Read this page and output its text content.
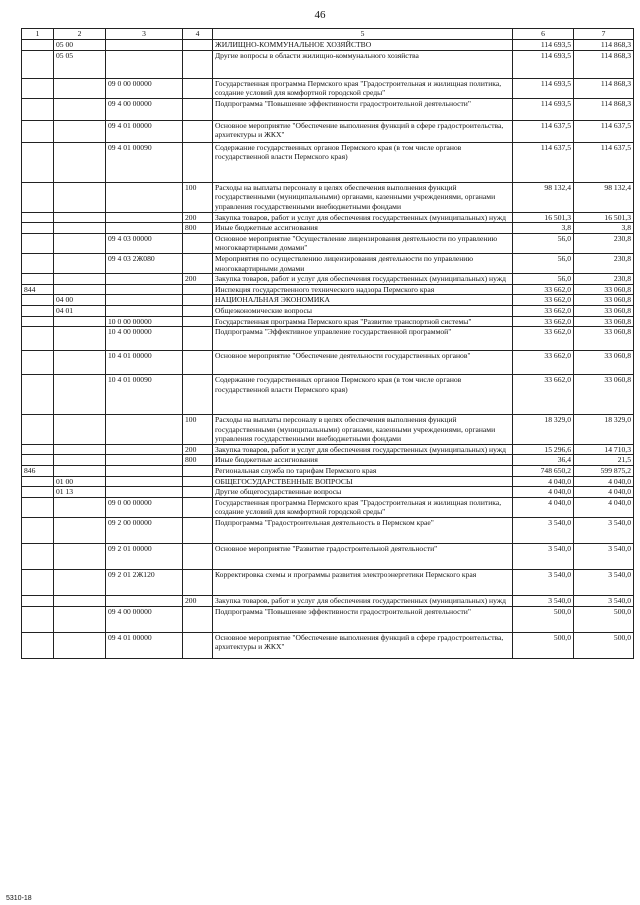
46
1	2	3	4	5	6	7
	05 00			ЖИЛИЩНО-КОММУНАЛЬНОЕ ХОЗЯЙСТВО	114 693,5	114 868,3
	05 05			Другие вопросы в области жилищно-коммунального хозяйства	114 693,5	114 868,3
		09 0 00 00000		Государственная программа Пермского края "Градостроительная и жилищная политика, создание условий для комфортной городской среды"	114 693,5	114 868,3
		09 4 00 00000		Подпрограмма "Повышение эффективности градостроительной деятельности"	114 693,5	114 868,3
		09 4 01 00000		Основное мероприятие "Обеспечение выполнения функций в сфере градостроительства, архитектуры и ЖКХ"	114 637,5	114 637,5
		09 4 01 00090		Содержание государственных органов Пермского края (в том числе органов государственной власти Пермского края)	114 637,5	114 637,5
			100	Расходы на выплаты персоналу в целях обеспечения выполнения функций государственными (муниципальными) органами, казенными учреждениями, органами управления государственными внебюджетными фондами	98 132,4	98 132,4
			200	Закупка товаров, работ и услуг для обеспечения государственных (муниципальных) нужд	16 501,3	16 501,3
			800	Иные бюджетные ассигнования	3,8	3,8
		09 4 03 00000		Основное мероприятие "Осуществление лицензирования деятельности по управлению многоквартирными домами"	56,0	230,8
		09 4 03 2Ж080		Мероприятия по осуществлению лицензирования деятельности по управлению многоквартирными домами	56,0	230,8
			200	Закупка товаров, работ и услуг для обеспечения государственных (муниципальных) нужд	56,0	230,8
844				Инспекция государственного технического надзора Пермского края	33 662,0	33 060,8
	04 00			НАЦИОНАЛЬНАЯ ЭКОНОМИКА	33 662,0	33 060,8
	04 01			Общеэкономические вопросы	33 662,0	33 060,8
		10 0 00 00000		Государственная программа Пермского края "Развитие транспортной системы"	33 662,0	33 060,8
		10 4 00 00000		Подпрограмма "Эффективное управление государственной программой"	33 662,0	33 060,8
		10 4 01 00000		Основное мероприятие "Обеспечение деятельности государственных органов"	33 662,0	33 060,8
		10 4 01 00090		Содержание государственных органов Пермского края (в том числе органов государственной власти Пермского края)	33 662,0	33 060,8
			100	Расходы на выплаты персоналу в целях обеспечения выполнения функций государственными (муниципальными) органами, казенными учреждениями, органами управления государственными внебюджетными фондами	18 329,0	18 329,0
			200	Закупка товаров, работ и услуг для обеспечения государственных (муниципальных) нужд	15 296,6	14 710,3
			800	Иные бюджетные ассигнования	36,4	21,5
846				Региональная служба по тарифам Пермского края	748 650,2	599 875,2
	01 00			ОБЩЕГОСУДАРСТВЕННЫЕ ВОПРОСЫ	4 040,0	4 040,0
	01 13			Другие общегосударственные вопросы	4 040,0	4 040,0
		09 0 00 00000		Государственная программа Пермского края "Градостроительная и жилищная политика, создание условий для комфортной городской среды"	4 040,0	4 040,0
		09 2 00 00000		Подпрограмма "Градостроительная деятельность в Пермском крае"	3 540,0	3 540,0
		09 2 01 00000		Основное мероприятие "Развитие градостроительной деятельности"	3 540,0	3 540,0
		09 2 01 2Ж120		Корректировка схемы и программы развития электроэнергетики Пермского края	3 540,0	3 540,0
			200	Закупка товаров, работ и услуг для обеспечения государственных (муниципальных) нужд	3 540,0	3 540,0
		09 4 00 00000		Подпрограмма "Повышение эффективности градостроительной деятельности"	500,0	500,0
		09 4 01 00000		Основное мероприятие "Обеспечение выполнения функций в сфере градостроительства, архитектуры и ЖКХ"	500,0	500,0
5310-18
